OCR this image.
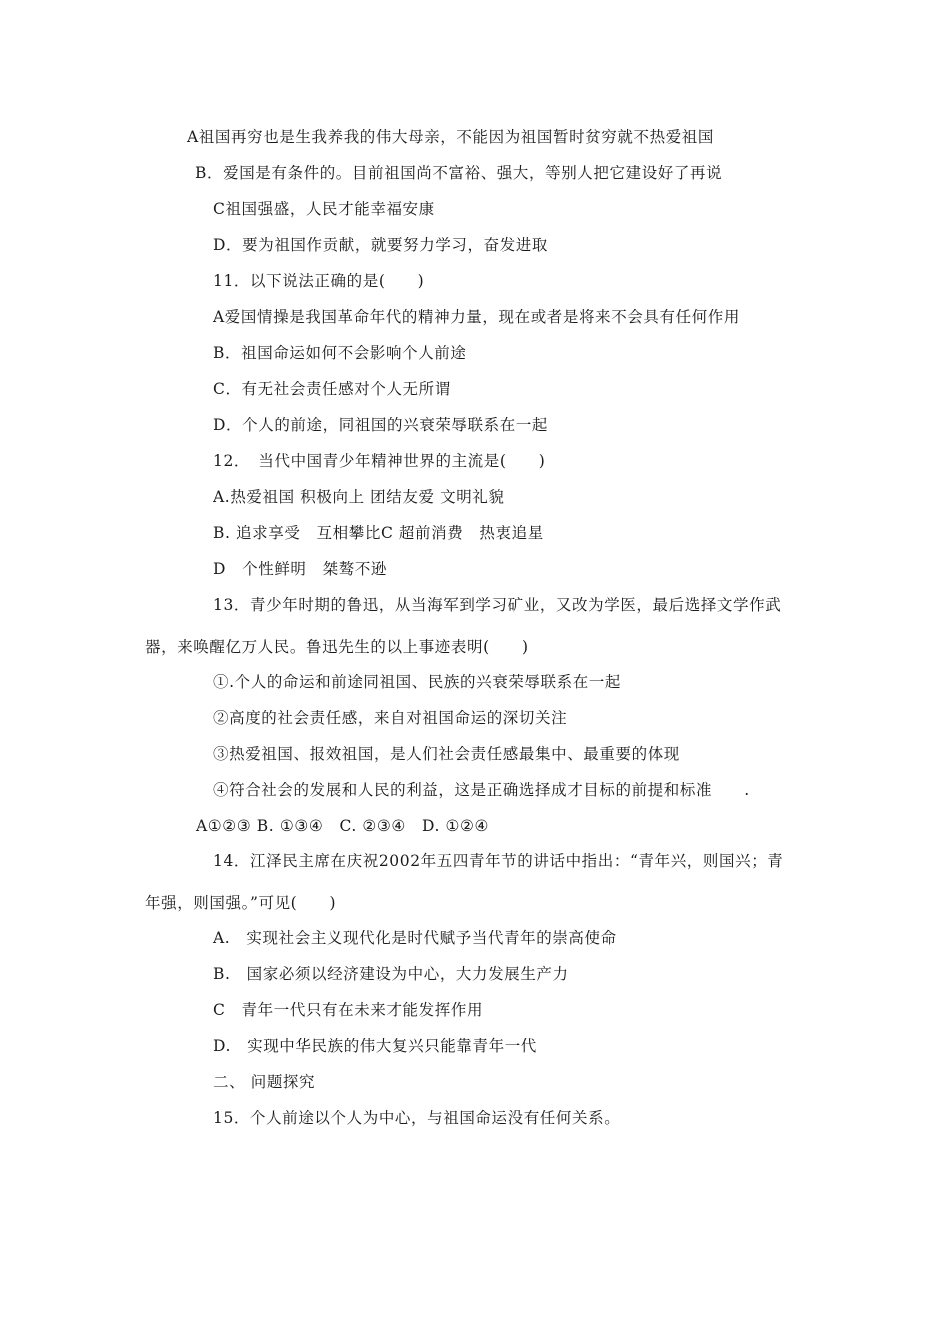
A祖国再穷也是生我养我的伟大母亲，不能因为祖国暂时贫穷就不热爱祖国
B．爱国是有条件的。目前祖国尚不富裕、强大，等别人把它建设好了再说
C祖国强盛，人民才能幸福安康
D．要为祖国作贡献，就要努力学习，奋发进取
11．以下说法正确的是(　　)
A爱国情操是我国革命年代的精神力量，现在或者是将来不会具有任何作用
B．祖国命运如何不会影响个人前途
C．有无社会责任感对个人无所谓
D．个人的前途，同祖国的兴衰荣辱联系在一起
12．　当代中国青少年精神世界的主流是(　　)
A.热爱祖国 积极向上 团结友爱 文明礼貌
B. 追求享受　互相攀比C 超前消费　热衷追星
D　个性鲜明　桀骜不逊
13．青少年时期的鲁迅，从当海军到学习矿业，又改为学医，最后选择文学作武
器，来唤醒亿万人民。鲁迅先生的以上事迹表明(　　)
①.个人的命运和前途同祖国、民族的兴衰荣辱联系在一起
②高度的社会责任感，来自对祖国命运的深切关注
③热爱祖国、报效祖国，是人们社会责任感最集中、最重要的体现
④符合社会的发展和人民的利益，这是正确选择成才目标的前提和标准　　.
A①②③ B. ①③④　C. ②③④　D. ①②④
14．江泽民主席在庆祝2002年五四青年节的讲话中指出：“青年兴，则国兴；青
年强，则国强。”可见(　　)
A.　实现社会主义现代化是时代赋予当代青年的崇高使命
B.　国家必须以经济建设为中心，大力发展生产力
C　青年一代只有在未来才能发挥作用
D.　实现中华民族的伟大复兴只能靠青年一代
二、 问题探究
15．个人前途以个人为中心，与祖国命运没有任何关系。
